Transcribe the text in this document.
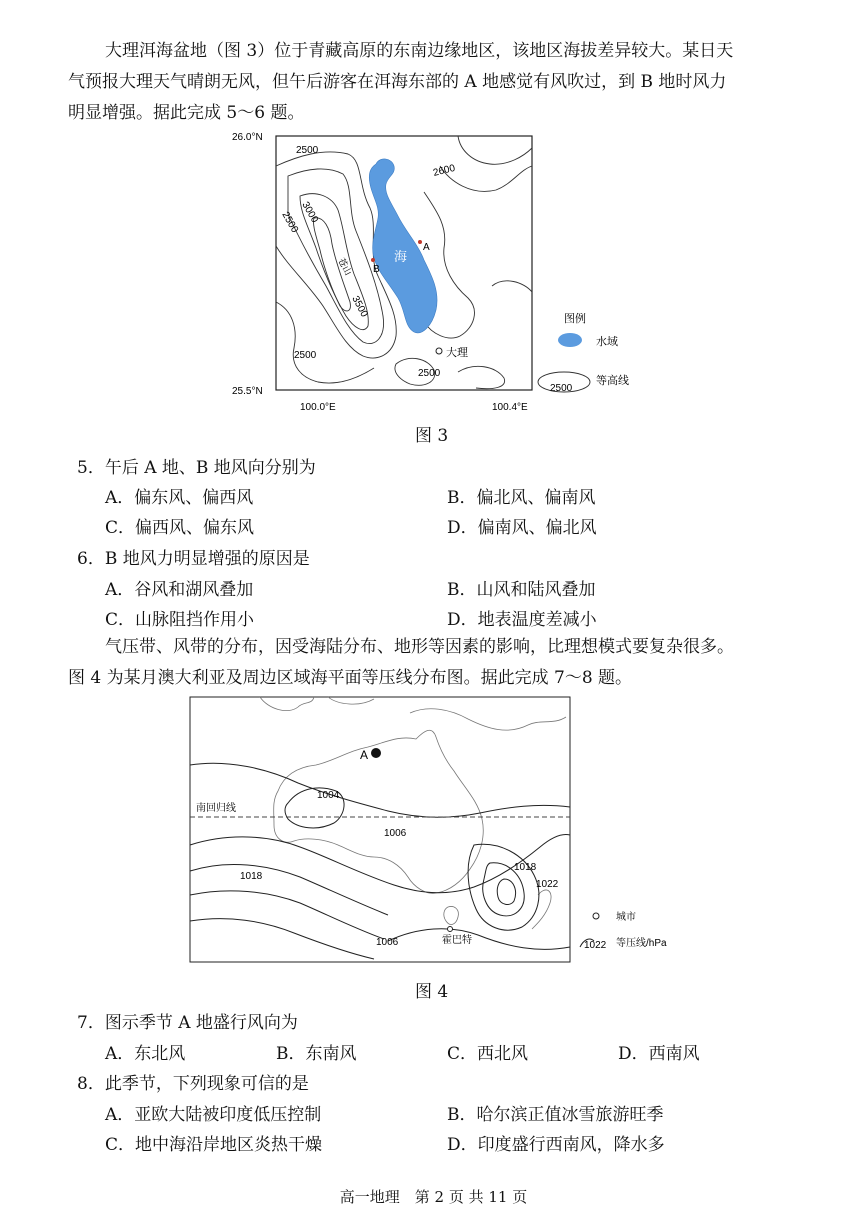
大理洱海盆地（图 3）位于青藏高原的东南边缘地区，该地区海拔差异较大。某日天
气预报大理天气晴朗无风，但午后游客在洱海东部的 A 地感觉有风吹过，到 B 地时风力
明显增强。据此完成 5～6 题。
2500
2600
2500 3000
3500
2500
2500
苍山	海
A
B
大理
26.0°N
25.5°N
100.0°E	100.4°E
图例
水域
2500
等高线
图 3
5．午后 A 地、B 地风向分别为
A．偏东风、偏西风	B．偏北风、偏南风
C．偏西风、偏东风	D．偏南风、偏北风
6．B 地风力明显增强的原因是
A．谷风和湖风叠加	B．山风和陆风叠加
C．山脉阻挡作用小	D．地表温度差减小
气压带、风带的分布，因受海陆分布、地形等因素的影响，比理想模式要复杂很多。
图 4 为某月澳大利亚及周边区域海平面等压线分布图。据此完成 7～8 题。
南回归线
A
1004
1006
1018
1018
1022
1006	霍巴特
城市
1022 等压线/hPa
图 4
7．图示季节 A 地盛行风向为
A．东北风	B．东南风	C．西北风	D．西南风
8．此季节，下列现象可信的是
A．亚欧大陆被印度低压控制	B．哈尔滨正值冰雪旅游旺季
C．地中海沿岸地区炎热干燥	D．印度盛行西南风，降水多
高一地理　第 2 页 共 11 页
